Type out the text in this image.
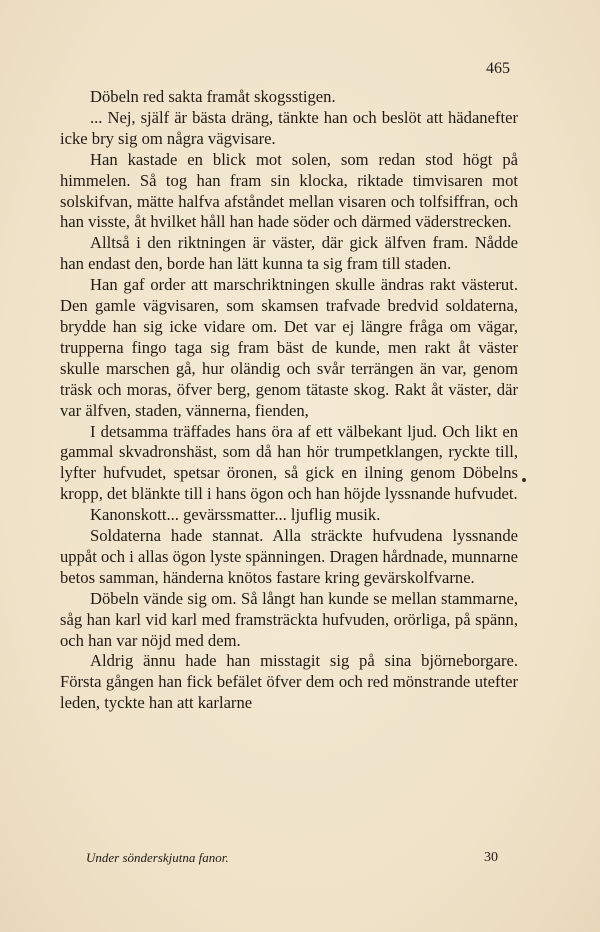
465

Döbeln red sakta framåt skogsstigen.

... Nej, själf är bästa dräng, tänkte han och beslöt att hädanefter icke bry sig om några vägvisare.

Han kastade en blick mot solen, som redan stod högt på himmelen. Så tog han fram sin klocka, riktade timvisaren mot solskifvan, mätte halfva afståndet mellan visaren och tolfsiffran, och han visste, åt hvilket håll han hade söder och därmed väderstrecken.

Alltså i den riktningen är väster, där gick älfven fram. Nådde han endast den, borde han lätt kunna ta sig fram till staden.

Han gaf order att marschriktningen skulle ändras rakt västerut. Den gamle vägvisaren, som skamsen trafvade bredvid soldaterna, brydde han sig icke vidare om. Det var ej längre fråga om vägar, trupperna fingo taga sig fram bäst de kunde, men rakt åt väster skulle marschen gå, hur oländig och svår terrängen än var, genom träsk och moras, öfver berg, genom tätaste skog. Rakt åt väster, där var älfven, staden, vännerna, fienden,

I detsamma träffades hans öra af ett välbekant ljud. Och likt en gammal skvadronshäst, som då han hör trumpetklangen, ryckte till, lyfter hufvudet, spetsar öronen, så gick en ilning genom Döbelns kropp, det blänkte till i hans ögon och han höjde lyssnande hufvudet.

Kanonskott... gevärssmatter... ljuflig musik.

Soldaterna hade stannat. Alla sträckte hufvudena lyssnande uppåt och i allas ögon lyste spänningen. Dragen hårdnade, munnarne betos samman, händerna knötos fastare kring gevärskolfvarne.

Döbeln vände sig om. Så långt han kunde se mellan stammarne, såg han karl vid karl med framsträckta hufvuden, orörliga, på spänn, och han var nöjd med dem.

Aldrig ännu hade han misstagit sig på sina björneborgare. Första gången han fick befälet öfver dem och red mönstrande utefter leden, tyckte han att karlarne

Under sönderskjutna fanor.	30
